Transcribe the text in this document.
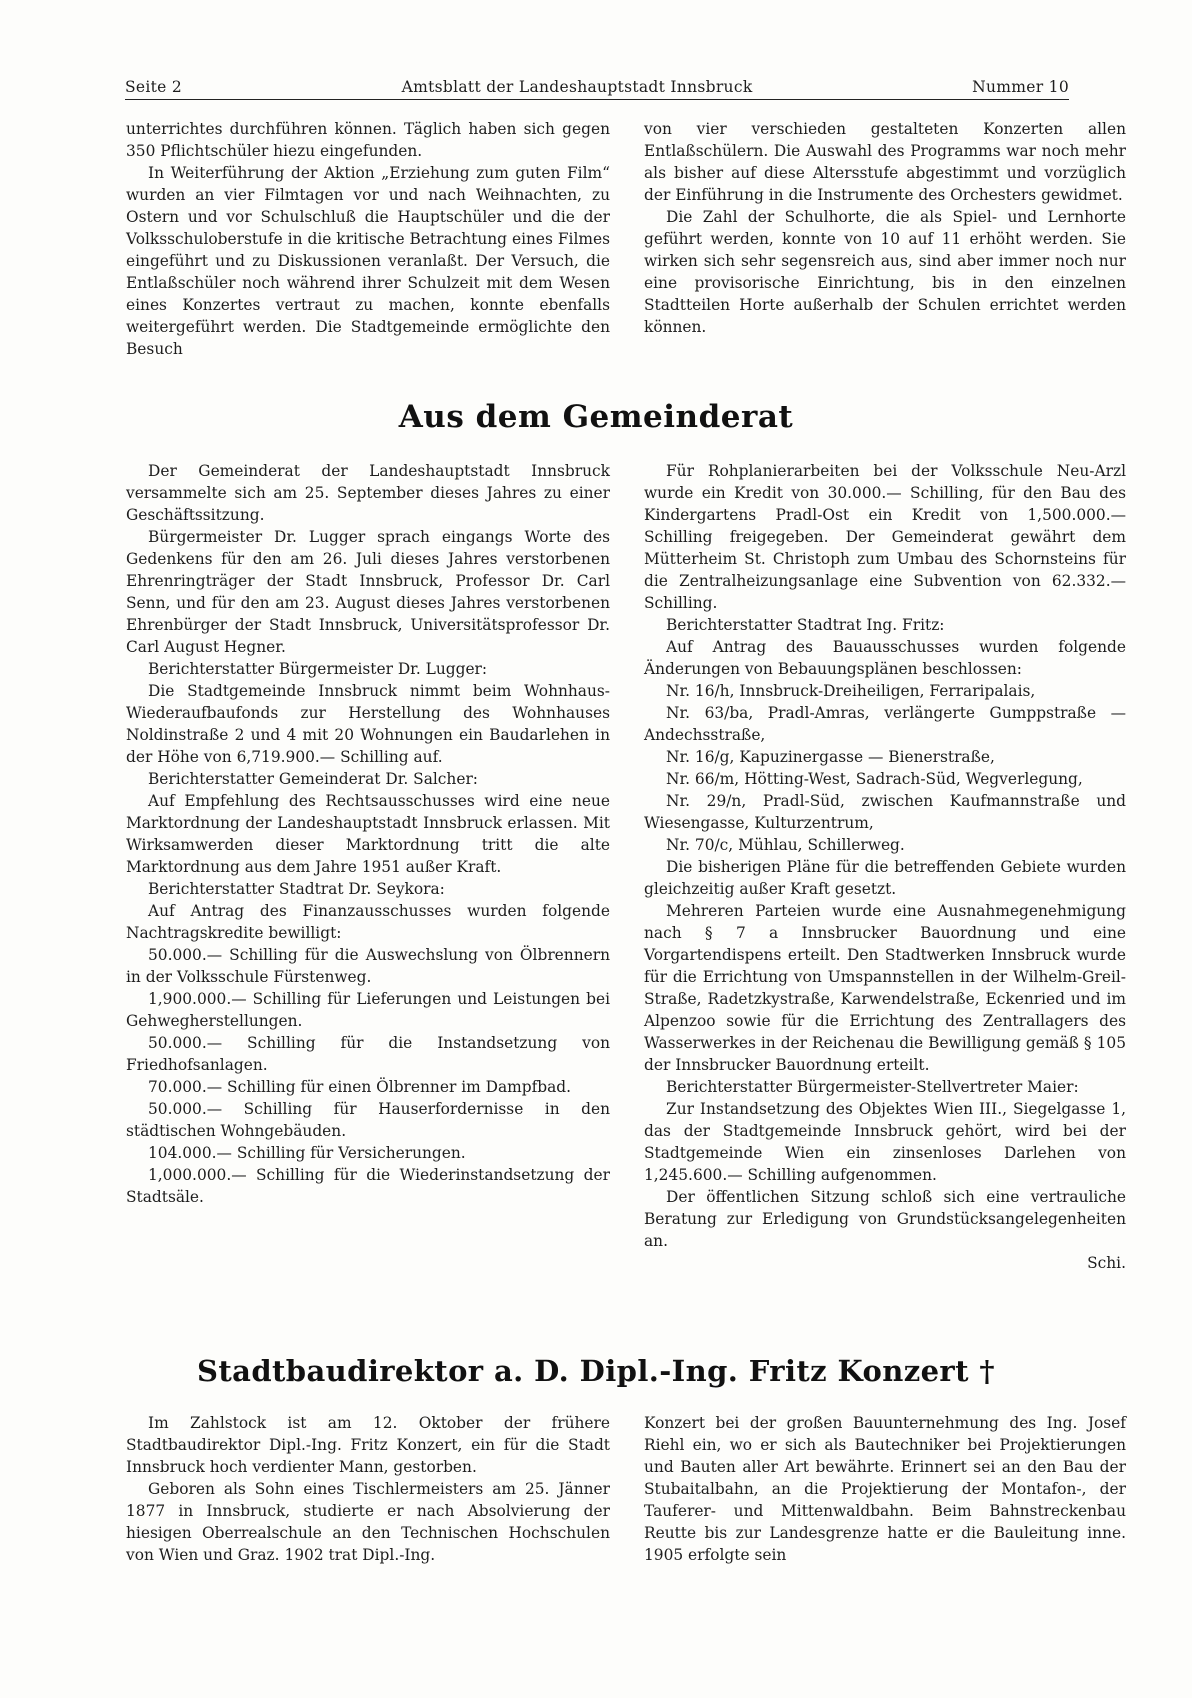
Seite 2	Amtsblatt der Landeshauptstadt Innsbruck	Nummer 10

unterrichtes durchführen können. Täglich haben sich gegen 350 Pflichtschüler hiezu eingefunden.

In Weiterführung der Aktion „Erziehung zum guten Film“ wurden an vier Filmtagen vor und nach Weihnachten, zu Ostern und vor Schulschluß die Hauptschüler und die der Volksschuloberstufe in die kritische Betrachtung eines Filmes eingeführt und zu Diskussionen veranlaßt. Der Versuch, die Entlaßschüler noch während ihrer Schulzeit mit dem Wesen eines Konzertes vertraut zu machen, konnte ebenfalls weitergeführt werden. Die Stadtgemeinde ermöglichte den Besuch

von vier verschieden gestalteten Konzerten allen Entlaßschülern. Die Auswahl des Programms war noch mehr als bisher auf diese Altersstufe abgestimmt und vorzüglich der Einführung in die Instrumente des Orchesters gewidmet.

Die Zahl der Schulhorte, die als Spiel- und Lernhorte geführt werden, konnte von 10 auf 11 erhöht werden. Sie wirken sich sehr segensreich aus, sind aber immer noch nur eine provisorische Einrichtung, bis in den einzelnen Stadtteilen Horte außerhalb der Schulen errichtet werden können.

Aus dem Gemeinderat

Der Gemeinderat der Landeshauptstadt Innsbruck versammelte sich am 25. September dieses Jahres zu einer Geschäftssitzung.

Bürgermeister Dr. Lugger sprach eingangs Worte des Gedenkens für den am 26. Juli dieses Jahres verstorbenen Ehrenringträger der Stadt Innsbruck, Professor Dr. Carl Senn, und für den am 23. August dieses Jahres verstorbenen Ehrenbürger der Stadt Innsbruck, Universitätsprofessor Dr. Carl August Hegner.

Berichterstatter Bürgermeister Dr. Lugger:

Die Stadtgemeinde Innsbruck nimmt beim Wohnhaus-Wiederaufbaufonds zur Herstellung des Wohnhauses Noldinstraße 2 und 4 mit 20 Wohnungen ein Baudarlehen in der Höhe von 6,719.900.— Schilling auf.

Berichterstatter Gemeinderat Dr. Salcher:

Auf Empfehlung des Rechtsausschusses wird eine neue Marktordnung der Landeshauptstadt Innsbruck erlassen. Mit Wirksamwerden dieser Marktordnung tritt die alte Marktordnung aus dem Jahre 1951 außer Kraft.

Berichterstatter Stadtrat Dr. Seykora:

Auf Antrag des Finanzausschusses wurden folgende Nachtragskredite bewilligt:

50.000.— Schilling für die Auswechslung von Ölbrennern in der Volksschule Fürstenweg.

1,900.000.— Schilling für Lieferungen und Leistungen bei Gehwegherstellungen.

50.000.— Schilling für die Instandsetzung von Friedhofsanlagen.

70.000.— Schilling für einen Ölbrenner im Dampfbad.

50.000.— Schilling für Hauserfordernisse in den städtischen Wohngebäuden.

104.000.— Schilling für Versicherungen.

1,000.000.— Schilling für die Wiederinstandsetzung der Stadtsäle.

Für Rohplanierarbeiten bei der Volksschule Neu-Arzl wurde ein Kredit von 30.000.— Schilling, für den Bau des Kindergartens Pradl-Ost ein Kredit von 1,500.000.— Schilling freigegeben. Der Gemeinderat gewährt dem Mütterheim St. Christoph zum Umbau des Schornsteins für die Zentralheizungsanlage eine Subvention von 62.332.— Schilling.

Berichterstatter Stadtrat Ing. Fritz:

Auf Antrag des Bauausschusses wurden folgende Änderungen von Bebauungsplänen beschlossen:

Nr. 16/h, Innsbruck-Dreiheiligen, Ferraripalais,

Nr. 63/ba, Pradl-Amras, verlängerte Gumppstraße —Andechsstraße,

Nr. 16/g, Kapuzinergasse — Bienerstraße,

Nr. 66/m, Hötting-West, Sadrach-Süd, Wegverlegung,

Nr. 29/n, Pradl-Süd, zwischen Kaufmannstraße und Wiesengasse, Kulturzentrum,

Nr. 70/c, Mühlau, Schillerweg.

Die bisherigen Pläne für die betreffenden Gebiete wurden gleichzeitig außer Kraft gesetzt.

Mehreren Parteien wurde eine Ausnahmegenehmigung nach § 7 a Innsbrucker Bauordnung und eine Vorgartendispens erteilt. Den Stadtwerken Innsbruck wurde für die Errichtung von Umspannstellen in der Wilhelm-Greil-Straße, Radetzkystraße, Karwendelstraße, Eckenried und im Alpenzoo sowie für die Errichtung des Zentrallagers des Wasserwerkes in der Reichenau die Bewilligung gemäß § 105 der Innsbrucker Bauordnung erteilt.

Berichterstatter Bürgermeister-Stellvertreter Maier:

Zur Instandsetzung des Objektes Wien III., Siegelgasse 1, das der Stadtgemeinde Innsbruck gehört, wird bei der Stadtgemeinde Wien ein zinsenloses Darlehen von 1,245.600.— Schilling aufgenommen.

Der öffentlichen Sitzung schloß sich eine vertrauliche Beratung zur Erledigung von Grundstücksangelegenheiten an.

Schi.

Stadtbaudirektor a. D. Dipl.-Ing. Fritz Konzert †

Im Zahlstock ist am 12. Oktober der frühere Stadtbaudirektor Dipl.-Ing. Fritz Konzert, ein für die Stadt Innsbruck hoch verdienter Mann, gestorben.

Geboren als Sohn eines Tischlermeisters am 25. Jänner 1877 in Innsbruck, studierte er nach Absolvierung der hiesigen Oberrealschule an den Technischen Hochschulen von Wien und Graz. 1902 trat Dipl.-Ing.

Konzert bei der großen Bauunternehmung des Ing. Josef Riehl ein, wo er sich als Bautechniker bei Projektierungen und Bauten aller Art bewährte. Erinnert sei an den Bau der Stubaitalbahn, an die Projektierung der Montafon-, der Tauferer- und Mittenwaldbahn. Beim Bahnstreckenbau Reutte bis zur Landesgrenze hatte er die Bauleitung inne. 1905 erfolgte sein
